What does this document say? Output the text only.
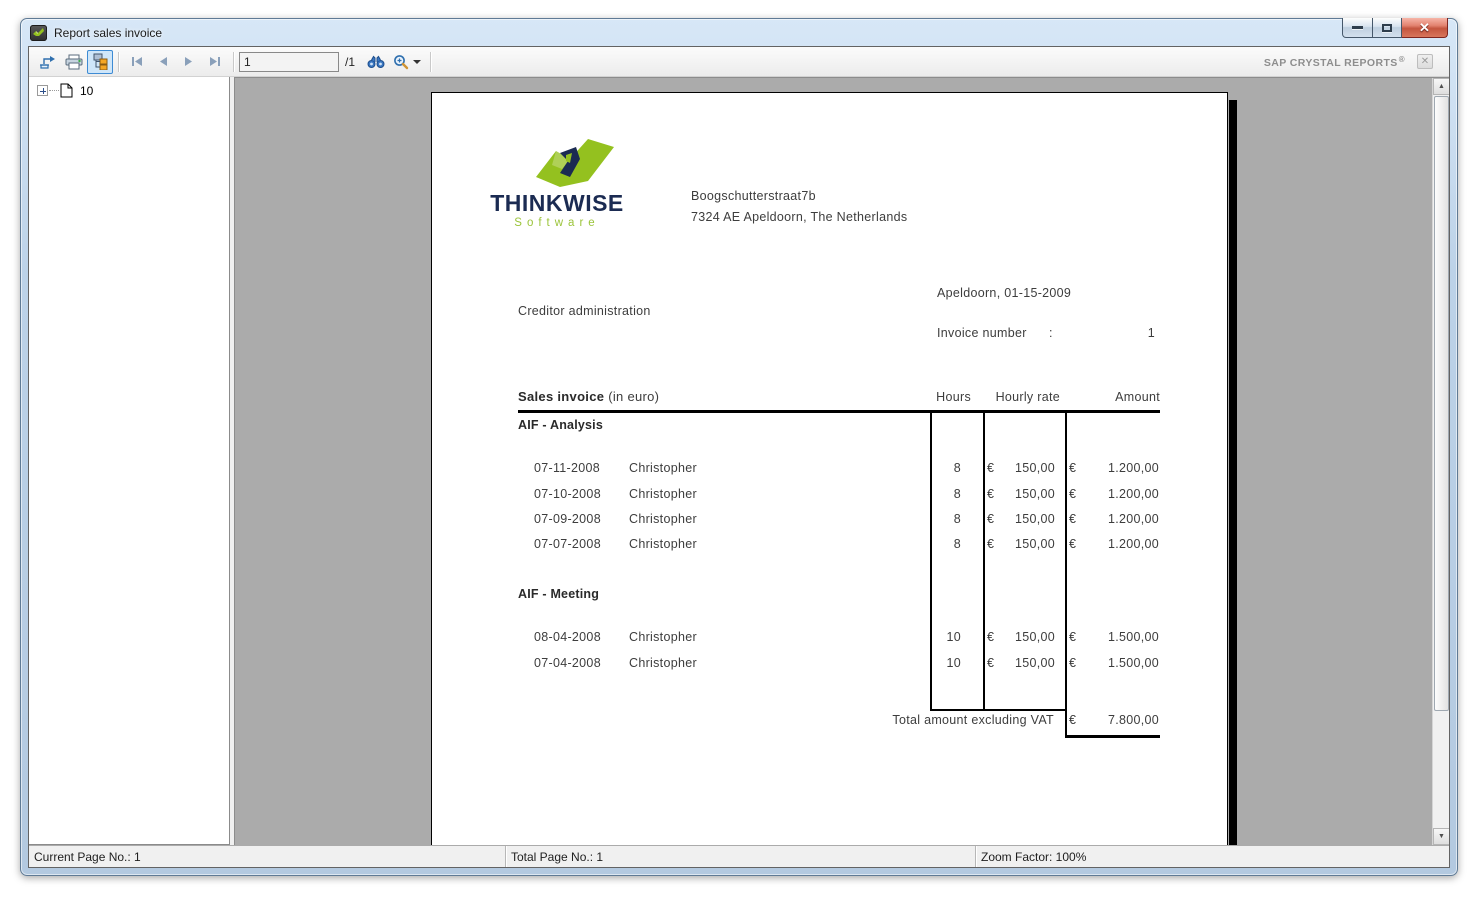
Report sales invoice	✕
1
/1	SAP CRYSTAL REPORTS®	✕
10
THINKWISE
Software
Boogschutterstraat7b
7324 AE Apeldoorn, The Netherlands
Apeldoorn, 01-15-2009
Creditor administration
Invoice number :	1
Sales invoice (in euro)	Hours	Hourly rate	Amount
AIF - Analysis
07-11-2008 Christopher	8 €	150,00 €	1.200,00
07-10-2008 Christopher	8 €	150,00 €	1.200,00
07-09-2008 Christopher	8 €	150,00 €	1.200,00
07-07-2008 Christopher	8 €	150,00 €	1.200,00
AIF - Meeting
08-04-2008 Christopher	10 €	150,00 €	1.500,00
07-04-2008 Christopher	10 €	150,00 €	1.500,00
Total amount excluding VAT €	7.800,00
▲
▼
Current Page No.: 1	Total Page No.: 1	Zoom Factor: 100%
